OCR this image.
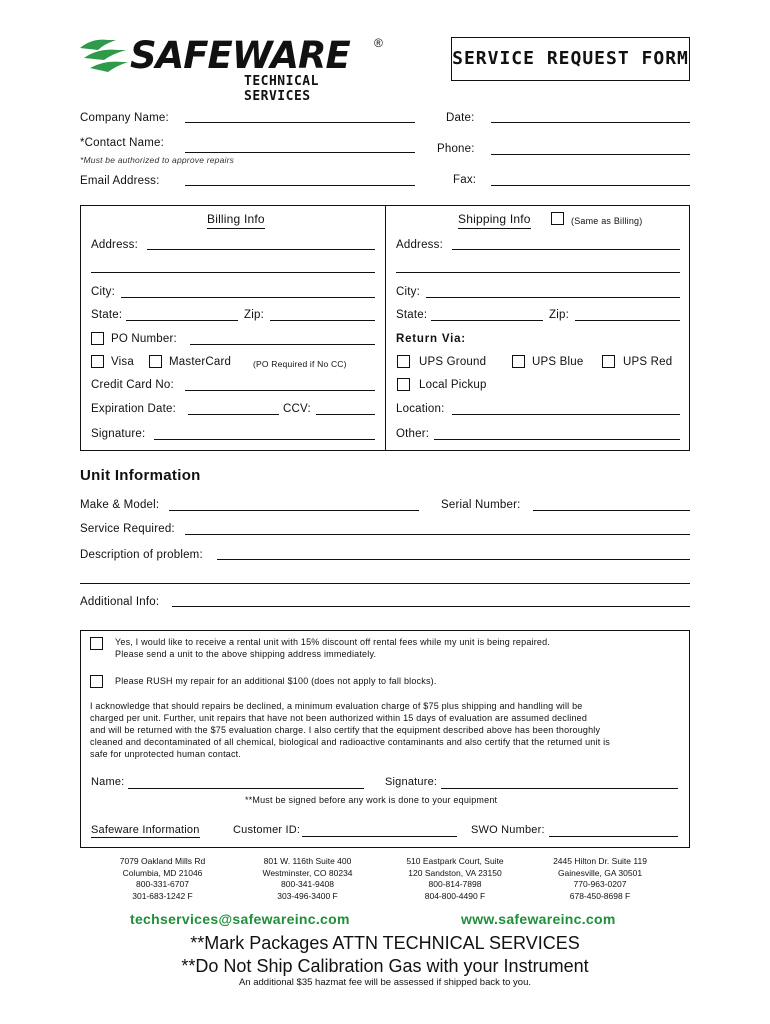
SAFEWARE ®
TECHNICAL SERVICES
SERVICE REQUEST FORM
Company Name:	Date:
*Contact Name:	Phone:
*Must be authorized to approve repairs
Email Address:	Fax:
Billing Info
Address:
City:
State:	Zip:
PO Number:
Visa	MasterCard	(PO Required if No CC)
Credit Card No:
Expiration Date:	CCV:
Signature:
Shipping Info	(Same as Billing)
Address:
City:
State:	Zip:
Return Via:
UPS Ground	UPS Blue	UPS Red
Local Pickup
Location:
Other:
Unit Information
Make & Model:	Serial Number:
Service Required:
Description of problem:
Additional Info:
Yes, I would like to receive a rental unit with 15% discount off rental fees while my unit is being repaired.
Please send a unit to the above shipping address immediately.
Please RUSH my repair for an additional $100 (does not apply to fall blocks).
I acknowledge that should repairs be declined, a minimum evaluation charge of $75 plus shipping and handling will be
charged per unit. Further, unit repairs that have not been authorized within 15 days of evaluation are assumed declined
and will be returned with the $75 evaluation charge. I also certify that the equipment described above has been thoroughly
cleaned and decontaminated of all chemical, biological and radioactive contaminants and also certify that the returned unit is
safe for unprotected human contact.
Name:	Signature:
**Must be signed before any work is done to your equipment
Safeware Information	Customer ID:	SWO Number:
7079 Oakland Mills Rd
Columbia, MD 21046
800-331-6707
301-683-1242 F
801 W. 116th Suite 400
Westminster, CO 80234
800-341-9408
303-496-3400 F
510 Eastpark Court, Suite
120 Sandston, VA 23150
800-814-7898
804-800-4490 F
2445 Hilton Dr. Suite 119
Gainesville, GA 30501
770-963-0207
678-450-8698 F
techservices@safewareinc.com	www.safewareinc.com
**Mark Packages ATTN TECHNICAL SERVICES
**Do Not Ship Calibration Gas with your Instrument
An additional $35 hazmat fee will be assessed if shipped back to you.
